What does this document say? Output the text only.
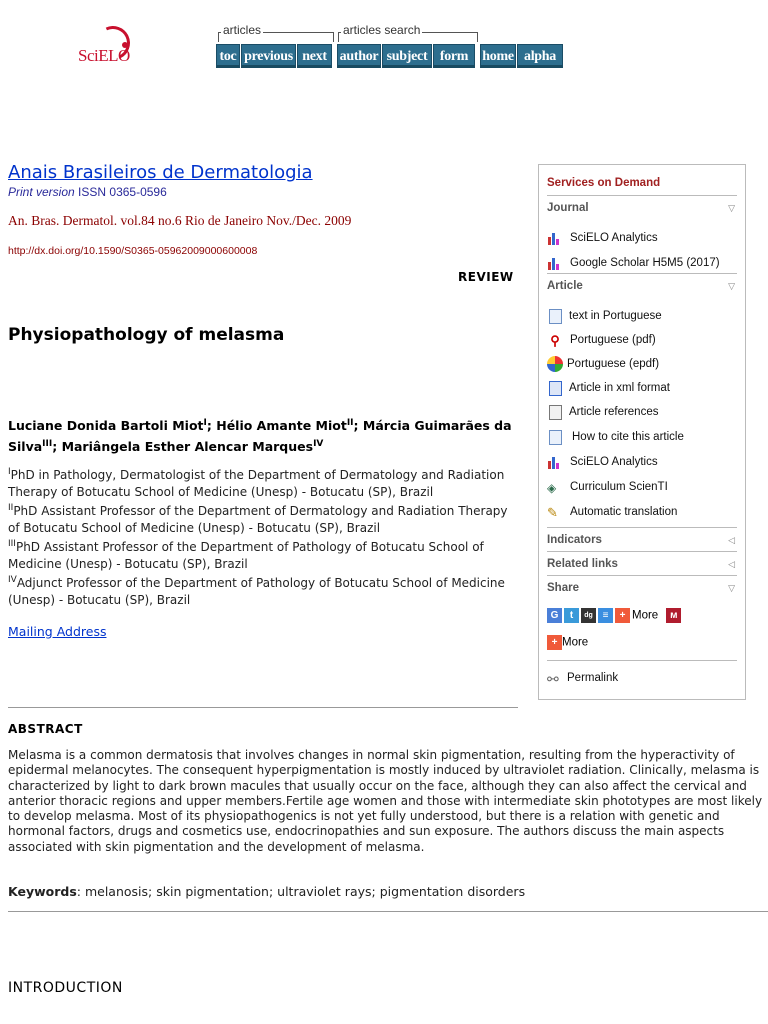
SciELO
articles	articles search
toc previous next author subject form	home alpha
Anais Brasileiros de Dermatologia
Print version ISSN 0365-0596
An. Bras. Dermatol. vol.84 no.6 Rio de Janeiro Nov./Dec. 2009
http://dx.doi.org/10.1590/S0365-05962009000600008
REVIEW
Physiopathology of melasma
Luciane Donida Bartoli Miot$^I$; Hélio Amante Miot$^{II}$; Márcia Guimarães da Silva$^{III}$; Mariângela Esther Alencar Marques$^{IV}$
$^I$PhD in Pathology, Dermatologist of the Department of Dermatology and Radiation Therapy of Botucatu School of Medicine (Unesp) - Botucatu (SP), Brazil
$^{II}$PhD Assistant Professor of the Department of Dermatology and Radiation Therapy of Botucatu School of Medicine (Unesp) - Botucatu (SP), Brazil
$^{III}$PhD Assistant Professor of the Department of Pathology of Botucatu School of Medicine (Unesp) - Botucatu (SP), Brazil
$^{IV}$Adjunct Professor of the Department of Pathology of Botucatu School of Medicine (Unesp) - Botucatu (SP), Brazil
Mailing Address
ABSTRACT
Melasma is a common dermatosis that involves changes in normal skin pigmentation, resulting from the hyperactivity of epidermal melanocytes. The consequent hyperpigmentation is mostly induced by ultraviolet radiation. Clinically, melasma is characterized by light to dark brown macules that usually occur on the face, although they can also affect the cervical and anterior thoracic regions and upper members.Fertile age women and those with intermediate skin phototypes are most likely to develop melasma. Most of its physiopathogenics is not yet fully understood, but there is a relation with genetic and hormonal factors, drugs and cosmetics use, endocrinopathies and sun exposure. The authors discuss the main aspects associated with skin pigmentation and the development of melasma.
Keywords: melanosis; skin pigmentation; ultraviolet rays; pigmentation disorders
INTRODUCTION
Services on Demand
Journal	▽
SciELO Analytics
Google Scholar H5M5 (2017)
Article	▽
text in Portuguese
⚲ Portuguese (pdf)
Portuguese (epdf)
Article in xml format
Article references
How to cite this article
SciELO Analytics
◈ Curriculum ScienTI
✎ Automatic translation
Indicators	◁
Related links	◁
Share	▽
G t dg ≡ + More ᴍ
+ More
⚯ Permalink
